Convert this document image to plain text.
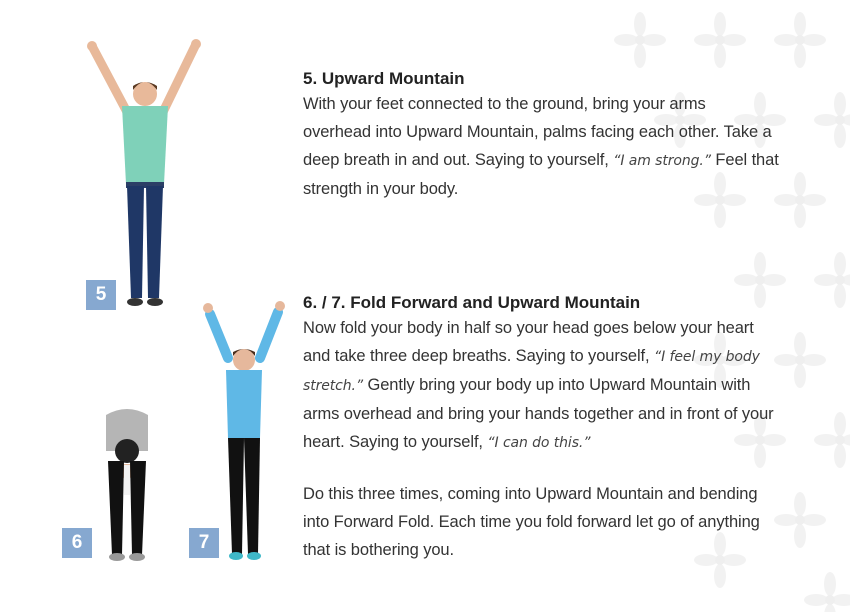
5
6	7

5. Upward Mountain

With your feet connected to the ground, bring your arms

overhead into Upward Mountain, palms facing each other. Take a

deep breath in and out. Saying to yourself, “I am strong.” Feel that

strength in your body.

6. / 7. Fold Forward and Upward Mountain

Now fold your body in half so your head goes below your heart

and take three deep breaths. Saying to yourself, “I feel my body

stretch.” Gently bring your body up into Upward Mountain with

arms overhead and bring your hands together and in front of your

heart. Saying to yourself, “I can do this.”

Do this three times, coming into Upward Mountain and bending

into Forward Fold. Each time you fold forward let go of anything

that is bothering you.
